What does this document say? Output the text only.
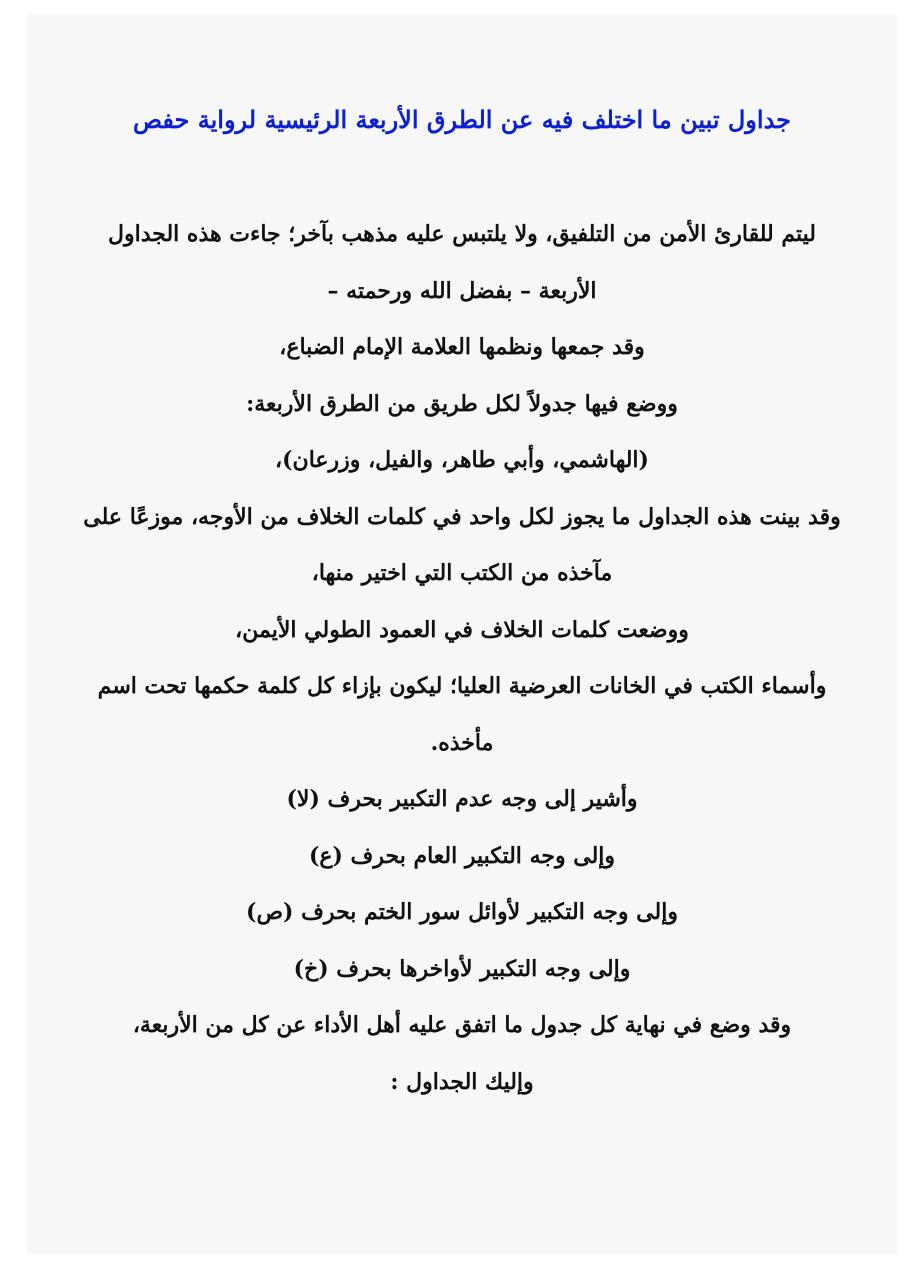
جداول تبين ما اختلف فيه عن الطرق الأربعة الرئيسية لرواية حفص
ليتم للقارئ الأمن من التلفيق، ولا يلتبس عليه مذهب بآخر؛ جاءت هذه الجداول
الأربعة – بفضل الله ورحمته –
وقد جمعها ونظمها العلامة الإمام الضباع،
ووضع فيها جدولاً لكل طريق من الطرق الأربعة:
(الهاشمي، وأبي طاهر، والفيل، وزرعان)،
وقد بينت هذه الجداول ما يجوز لكل واحد في كلمات الخلاف من الأوجه، موزعًا على
مآخذه من الكتب التي اختير منها،
ووضعت كلمات الخلاف في العمود الطولي الأيمن،
وأسماء الكتب في الخانات العرضية العليا؛ ليكون بإزاء كل كلمة حكمها تحت اسم
مأخذه.
وأشير إلى وجه عدم التكبير بحرف (لا)
وإلى وجه التكبير العام بحرف (ع)
وإلى وجه التكبير لأوائل سور الختم بحرف (ص)
وإلى وجه التكبير لأواخرها بحرف (خ)
وقد وضع في نهاية كل جدول ما اتفق عليه أهل الأداء عن كل من الأربعة،
وإليك الجداول :
